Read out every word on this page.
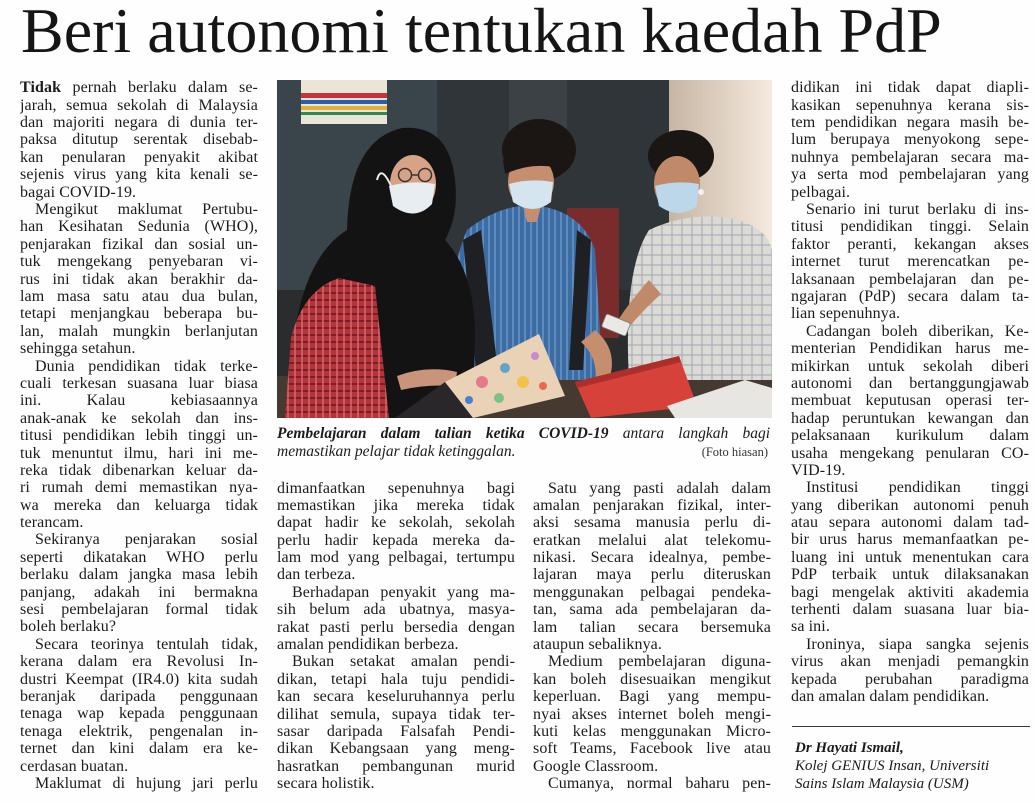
Beri autonomi tentukan kaedah PdP
Tidak pernah berlaku dalam se-
jarah, semua sekolah di Malaysia
dan majoriti negara di dunia ter-
paksa ditutup serentak disebab-
kan penularan penyakit akibat
sejenis virus yang kita kenali se-
bagai COVID-19.
Mengikut maklumat Pertubu-
han Kesihatan Sedunia (WHO),
penjarakan fizikal dan sosial un-
tuk mengekang penyebaran vi-
rus ini tidak akan berakhir da-
lam masa satu atau dua bulan,
tetapi menjangkau beberapa bu-
lan, malah mungkin berlanjutan
sehingga setahun.
Dunia pendidikan tidak terke-
cuali terkesan suasana luar biasa
ini. Kalau kebiasaannya
anak-anak ke sekolah dan ins-
titusi pendidikan lebih tinggi un-
tuk menuntut ilmu, hari ini me-
reka tidak dibenarkan keluar da-
ri rumah demi memastikan nya-
wa mereka dan keluarga tidak
terancam.
Sekiranya penjarakan sosial
seperti dikatakan WHO perlu
berlaku dalam jangka masa lebih
panjang, adakah ini bermakna
sesi pembelajaran formal tidak
boleh berlaku?
Secara teorinya tentulah tidak,
kerana dalam era Revolusi In-
dustri Keempat (IR4.0) kita sudah
beranjak daripada penggunaan
tenaga wap kepada penggunaan
tenaga elektrik, pengenalan in-
ternet dan kini dalam era ke-
cerdasan buatan.
Maklumat di hujung jari perlu
Pembelajaran dalam talian ketika COVID-19 antara langkah bagi
memastikan pelajar tidak ketinggalan.	(Foto hiasan)
dimanfaatkan sepenuhnya bagi
memastikan jika mereka tidak
dapat hadir ke sekolah, sekolah
perlu hadir kepada mereka da-
lam mod yang pelbagai, tertumpu
dan terbeza.
Berhadapan penyakit yang ma-
sih belum ada ubatnya, masya-
rakat pasti perlu bersedia dengan
amalan pendidikan berbeza.
Bukan setakat amalan pendi-
dikan, tetapi hala tuju pendidi-
kan secara keseluruhannya perlu
dilihat semula, supaya tidak ter-
sasar daripada Falsafah Pendi-
dikan Kebangsaan yang meng-
hasratkan pembangunan murid
secara holistik.
Satu yang pasti adalah dalam
amalan penjarakan fizikal, inter-
aksi sesama manusia perlu di-
eratkan melalui alat telekomu-
nikasi. Secara idealnya, pembe-
lajaran maya perlu diteruskan
menggunakan pelbagai pendeka-
tan, sama ada pembelajaran da-
lam talian secara bersemuka
ataupun sebaliknya.
Medium pembelajaran diguna-
kan boleh disesuaikan mengikut
keperluan. Bagi yang mempu-
nyai akses internet boleh mengi-
kuti kelas menggunakan Micro-
soft Teams, Facebook live atau
Google Classroom.
Cumanya, normal baharu pen-
didikan ini tidak dapat diapli-
kasikan sepenuhnya kerana sis-
tem pendidikan negara masih be-
lum berupaya menyokong sepe-
nuhnya pembelajaran secara ma-
ya serta mod pembelajaran yang
pelbagai.
Senario ini turut berlaku di ins-
titusi pendidikan tinggi. Selain
faktor peranti, kekangan akses
internet turut merencatkan pe-
laksanaan pembelajaran dan pe-
ngajaran (PdP) secara dalam ta-
lian sepenuhnya.
Cadangan boleh diberikan, Ke-
menterian Pendidikan harus me-
mikirkan untuk sekolah diberi
autonomi dan bertanggungjawab
membuat keputusan operasi ter-
hadap peruntukan kewangan dan
pelaksanaan kurikulum dalam
usaha mengekang penularan CO-
VID-19.
Institusi pendidikan tinggi
yang diberikan autonomi penuh
atau separa autonomi dalam tad-
bir urus harus memanfaatkan pe-
luang ini untuk menentukan cara
PdP terbaik untuk dilaksanakan
bagi mengelak aktiviti akademia
terhenti dalam suasana luar bia-
sa ini.
Ironinya, siapa sangka sejenis
virus akan menjadi pemangkin
kepada perubahan paradigma
dan amalan dalam pendidikan.
Dr Hayati Ismail,
Kolej GENIUS Insan, Universiti
Sains Islam Malaysia (USM)
